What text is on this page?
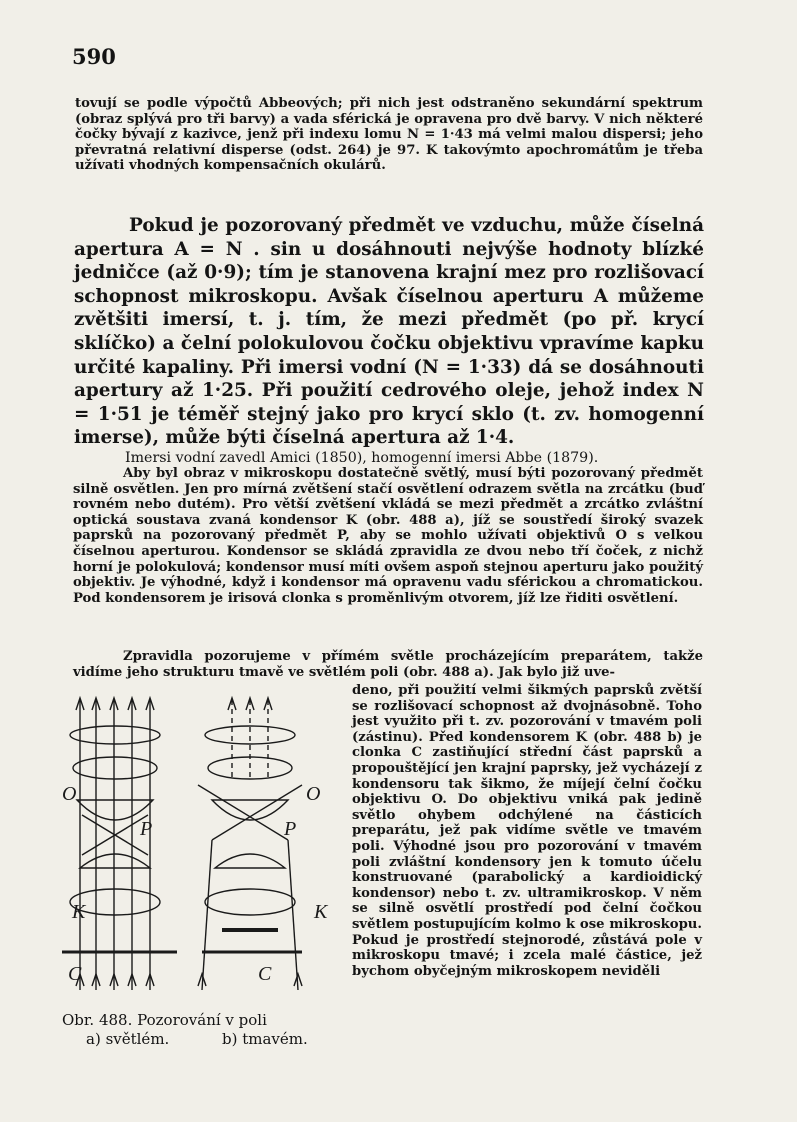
590

tovují se podle výpočtů Abbeových; při nich jest odstraněno sekundární spektrum (obraz splývá pro tři barvy) a vada sférická je opravena pro dvě barvy. V nich některé čočky bývají z kazivce, jenž při indexu lomu N = 1·43 má velmi malou dispersi; jeho převratná relativní disperse (odst. 264) je 97. K takovýmto apochromátům je třeba užívati vhodných kompensačních okulárů.

Pokud je pozorovaný předmět ve vzduchu, může číselná apertura A = N . sin u dosáhnouti nejvýše hodnoty blízké jedničce (až 0·9); tím je stanovena krajní mez pro rozlišovací schopnost mikroskopu. Avšak číselnou aperturu A můžeme zvětšiti imersí, t. j. tím, že mezi předmět (po př. krycí sklíčko) a čelní polokulovou čočku objektivu vpravíme kapku určité kapaliny. Při imersi vodní (N = 1·33) dá se dosáhnouti apertury až 1·25. Při použití cedrového oleje, jehož index N = 1·51 je téměř stejný jako pro krycí sklo (t. zv. homogenní imerse), může býti číselná apertura až 1·4.

Imersi vodní zavedl Amici (1850), homogenní imersi Abbe (1879).

Aby byl obraz v mikroskopu dostatečně světlý, musí býti pozorovaný předmět silně osvětlen. Jen pro mírná zvětšení stačí osvětlení odrazem světla na zrcátku (buď rovném nebo dutém). Pro větší zvětšení vkládá se mezi předmět a zrcátko zvláštní optická soustava zvaná kondensor K (obr. 488 a), jíž se soustředí široký svazek paprsků na pozorovaný předmět P, aby se mohlo užívati objektivů O s velkou číselnou aperturou. Kondensor se skládá zpravidla ze dvou nebo tří čoček, z nichž horní je polokulová; kondensor musí míti ovšem aspoň stejnou aperturu jako použitý objektiv. Je výhodné, když i kondensor má opravenu vadu sférickou a chromatickou. Pod kondensorem je irisová clonka s proměnlivým otvorem, jíž lze řiditi osvětlení.

Zpravidla pozorujeme v přímém světle procházejícím preparátem, takže vidíme jeho strukturu tmavě ve světlém poli (obr. 488 a). Jak bylo již uve-

deno, při použití velmi šikmých paprsků zvětší se rozlišovací schopnost až dvojnásobně. Toho jest využito při t. zv. pozorování v tmavém poli (zástinu). Před kondensorem K (obr. 488 b) je clonka C zastiňující střední část paprsků a propouštějící jen krajní paprsky, jež vycházejí z kondensoru tak šikmo, že míjejí čelní čočku objektivu O. Do objektivu vniká pak jedině světlo ohybem odchýlené na částicích preparátu, jež pak vidíme světle ve tmavém poli. Výhodné jsou pro pozorování v tmavém poli zvláštní kondensory jen k tomuto účelu konstruované (parabolický a kardioidický kondensor) nebo t. zv. ultramikroskop. V něm se silně osvětlí prostředí pod čelní čočkou světlem postupujícím kolmo k ose mikroskopu. Pokud je prostředí stejnorodé, zůstává pole v mikroskopu tmavé; i zcela malé částice, jež bychom obyčejným mikroskopem neviděli

O	O
P	P
K	K
C	C
Obr. 488. Pozorování v poli
a) světlém.	b) tmavém.
